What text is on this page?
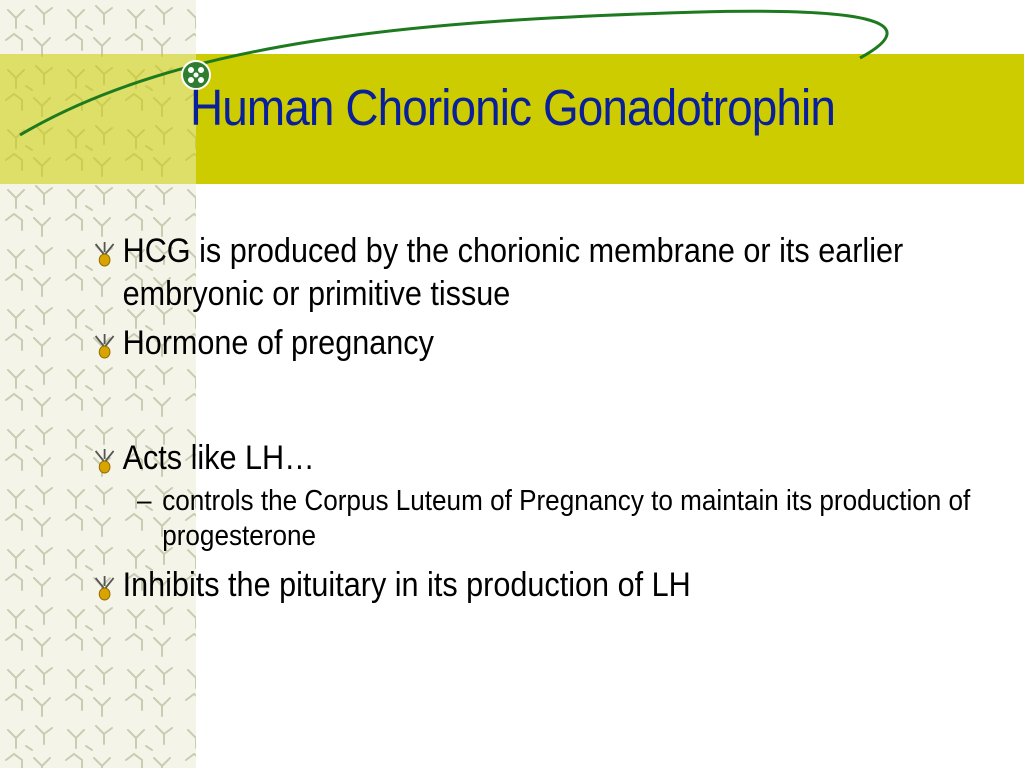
Human Chorionic Gonadotrophin
HCG is produced by the chorionic membrane or its earlier embryonic or primitive tissue
Hormone of pregnancy
Acts like LH…
– controls the Corpus Luteum of Pregnancy to maintain its production of progesterone
Inhibits the pituitary in its production of LH
